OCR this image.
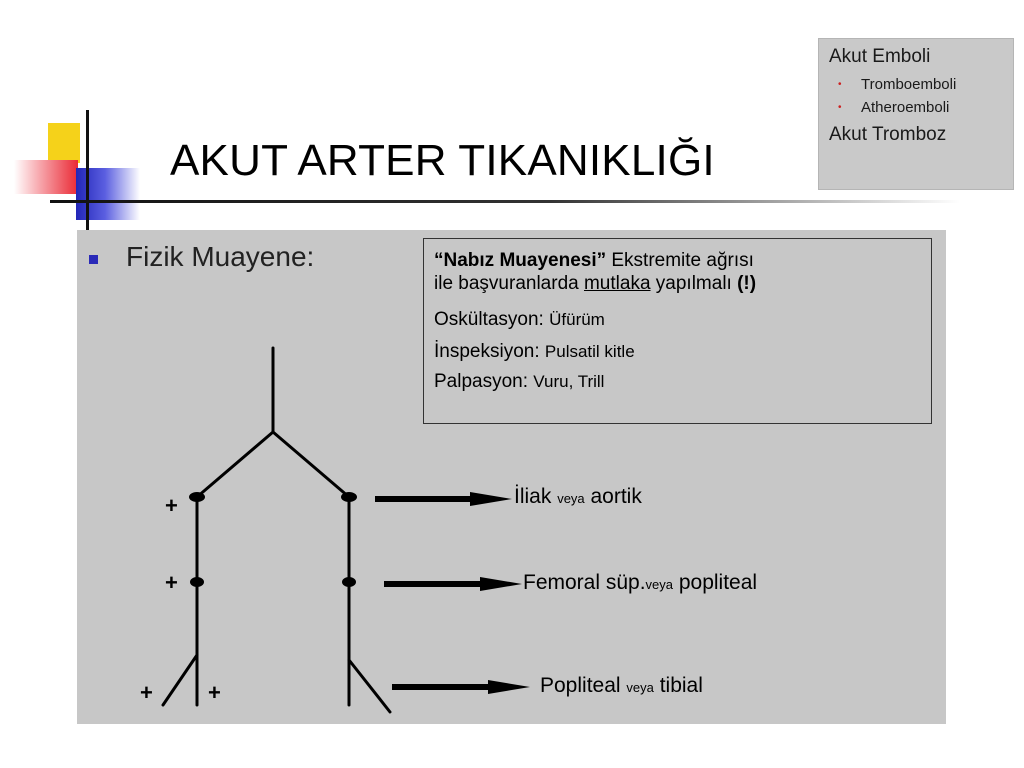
AKUT ARTER TIKANIKLIĞI
Akut Emboli
• Tromboemboli
• Atheroemboli
Akut Tromboz
Fizik Muayene:	“Nabız Muayenesi” Ekstremite ağrısı
ile başvuranlarda mutlaka yapılmalı (!)
Oskültasyon: Üfürüm
İnspeksiyon: Pulsatil kitle
Palpasyon: Vuru, Trill
+
+
+	+
İliak veya aortik
Femoral süp.veya popliteal
Popliteal veya tibial
